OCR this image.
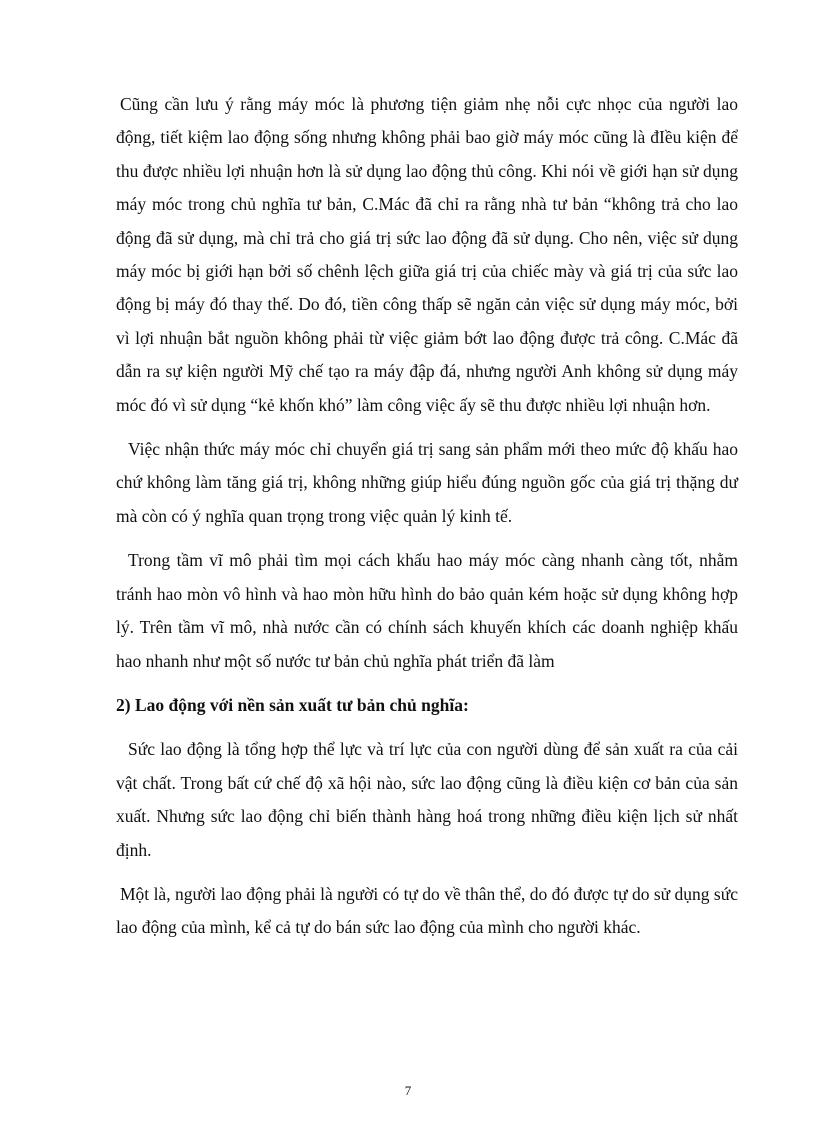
Cũng cần lưu ý rằng máy móc là phương tiện giảm nhẹ nỗi cực nhọc của người lao động, tiết kiệm lao động sống nhưng không phải bao giờ máy móc cũng là đIều kiện để thu được nhiều lợi nhuận hơn là sử dụng lao động thủ công. Khi nói về giới hạn sử dụng máy móc trong chủ nghĩa tư bản, C.Mác đã chỉ ra rằng nhà tư bản “không trả cho lao động đã sử dụng, mà chỉ trả cho giá trị sức lao động đã sử dụng. Cho nên, việc sử dụng máy móc bị giới hạn bởi số chênh lệch giữa giá trị của chiếc mày và giá trị của sức lao động bị máy đó thay thế. Do đó, tiền công thấp sẽ ngăn cản việc sử dụng máy móc, bởi vì lợi nhuận bắt nguồn không phải từ việc giảm bớt lao động được trả công. C.Mác đã dẫn ra sự kiện người Mỹ chế tạo ra máy đập đá, nhưng người Anh không sử dụng máy móc đó vì sử dụng “kẻ khốn khó” làm công việc ấy sẽ thu được nhiều lợi nhuận hơn.

Việc nhận thức máy móc chỉ chuyển giá trị sang sản phẩm mới theo mức độ khấu hao chứ không làm tăng giá trị, không những giúp hiểu đúng nguồn gốc của giá trị thặng dư mà còn có ý nghĩa quan trọng trong việc quản lý kinh tế.

Trong tầm vĩ mô phải tìm mọi cách khấu hao máy móc càng nhanh càng tốt, nhằm tránh hao mòn vô hình và hao mòn hữu hình do bảo quản kém hoặc sử dụng không hợp lý. Trên tầm vĩ mô, nhà nước cần có chính sách khuyến khích các doanh nghiệp khấu hao nhanh như một số nước tư bản chủ nghĩa phát triển đã làm

2) Lao động với nền sản xuất tư bản chủ nghĩa:

Sức lao động là tổng hợp thể lực và trí lực của con người dùng để sản xuất ra của cải vật chất. Trong bất cứ chế độ xã hội nào, sức lao động cũng là điều kiện cơ bản của sản xuất. Nhưng sức lao động chỉ biến thành hàng hoá trong những điều kiện lịch sử nhất định.

Một là, người lao động phải là người có tự do về thân thể, do đó được tự do sử dụng sức lao động của mình, kể cả tự do bán sức lao động của mình cho người khác.

7
